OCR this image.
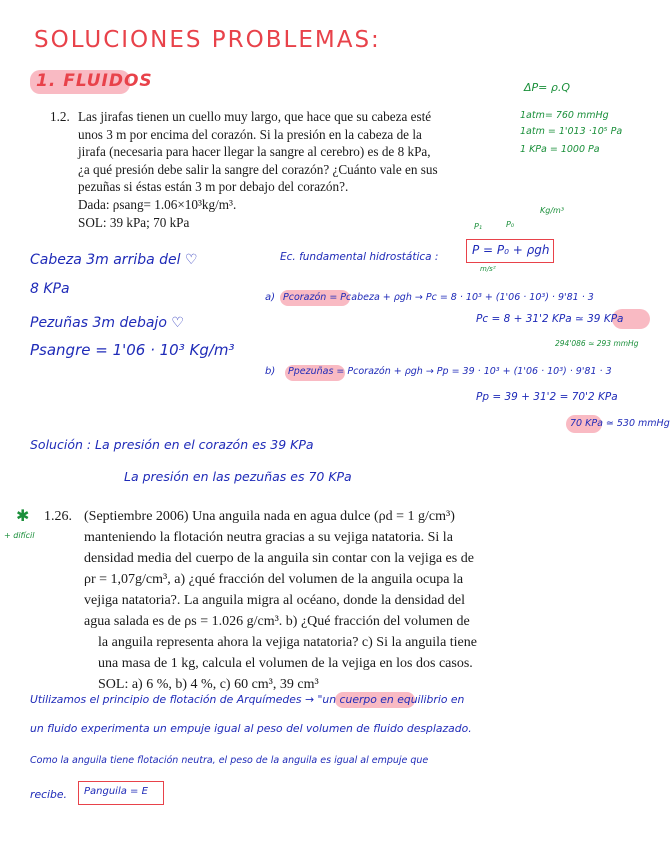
SOLUCIONES PROBLEMAS:
1. FLUIDOS	ΔP= ρ.Q
1atm= 760 mmHg
1atm = 1'013 ·10⁵ Pa
1 KPa = 1000 Pa
1.2. Las jirafas tienen un cuello muy largo, que hace que su cabeza esté

unos 3 m por encima del corazón. Si la presión en la cabeza de la

jirafa (necesaria para hacer llegar la sangre al cerebro) es de 8 kPa,

¿a qué presión debe salir la sangre del corazón? ¿Cuánto vale en sus

pezuñas si éstas están 3 m por debajo del corazón?.

Dada: ρsang= 1.06×10³kg/m³.

SOL: 39 kPa; 70 kPa

Cabeza 3m arriba del ♡
8 KPa
Pezuñas 3m debajo ♡
Psangre = 1'06 · 10³ Kg/m³
Ec. fundamental hidrostática :	P = P₀ + ρgh
P₁	P₀
Kg/m³
m/s²
a) Pcorazón = Pcabeza + ρgh → Pc = 8 · 10³ + (1'06 · 10³) · 9'81 · 3
Pc = 8 + 31'2 KPa ≃ 39 KPa
294'086 ≃ 293 mmHg
b) Ppezuñas = Pcorazón + ρgh → Pp = 39 · 10³ + (1'06 · 10³) · 9'81 · 3
Pp = 39 + 31'2 = 70'2 KPa
70 KPa ≃ 530 mmHg
Solución : La presión en el corazón es 39 KPa
La presión en las pezuñas es 70 KPa
✱
+ difícil
1.26. (Septiembre 2006) Una anguila nada en agua dulce (ρd = 1 g/cm³)

manteniendo la flotación neutra gracias a su vejiga natatoria. Si la

densidad media del cuerpo de la anguila sin contar con la vejiga es de

ρr = 1,07g/cm³, a) ¿qué fracción del volumen de la anguila ocupa la

vejiga natatoria?. La anguila migra al océano, donde la densidad del

agua salada es de ρs = 1.026 g/cm³. b) ¿Qué fracción del volumen de

la anguila representa ahora la vejiga natatoria? c) Si la anguila tiene

una masa de 1 kg, calcula el volumen de la vejiga en los dos casos.

SOL: a) 6 %, b) 4 %, c) 60 cm³, 39 cm³

Utilizamos el principio de flotación de Arquímedes → "un cuerpo en equilibrio en
un fluido experimenta un empuje igual al peso del volumen de fluido desplazado.
Como la anguila tiene flotación neutra, el peso de la anguila es igual al empuje que
recibe. Panguila = E
